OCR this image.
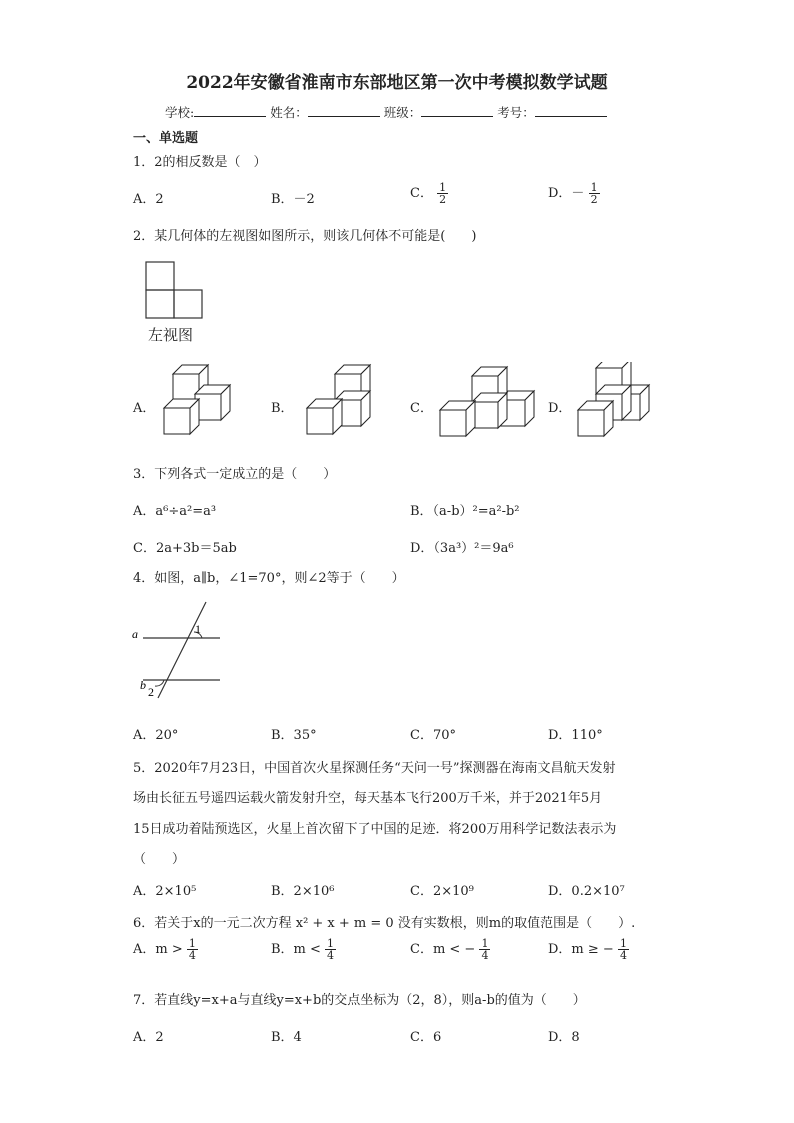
2022年安徽省淮南市东部地区第一次中考模拟数学试题
学校:	姓名：	班级：	考号：
一、单选题
1．2的相反数是（　）
A．2	B．－2	C． $\frac{1}{2}$	D．－ $\frac{1}{2}$
2．某几何体的左视图如图所示，则该几何体不可能是(　　)
左视图
A．	B．	C．	D．
3．下列各式一定成立的是（　　）
A．a⁶÷a²=a³	B．（a-b）²=a²-b²
C．2a+3b＝5ab	D．（3a³）²＝9a⁶
4．如图，a∥b，∠1=70°，则∠2等于（　　）
a
b
1
2
A．20°	B．35°	C．70°	D．110°
5．2020年7月23日，中国首次火星探测任务“天问一号”探测器在海南文昌航天发射
场由长征五号遥四运载火箭发射升空，每天基本飞行200万千米，并于2021年5月
15日成功着陆预选区，火星上首次留下了中国的足迹．将200万用科学记数法表示为
（　　）
A．2×10⁵	B．2×10⁶	C．2×10⁹	D．0.2×10⁷
6．若关于x的一元二次方程 x² + x + m = 0 没有实数根，则m的取值范围是（　　）.
A．$m > \frac{1}{4}$	B．$m < \frac{1}{4}$	C．m < − $\frac{1}{4}$	D．m ≥ − $\frac{1}{4}$
7．若直线y=x+a与直线y=x+b的交点坐标为（2，8），则a-b的值为（　　）
A．2	B．4	C．6	D．8
